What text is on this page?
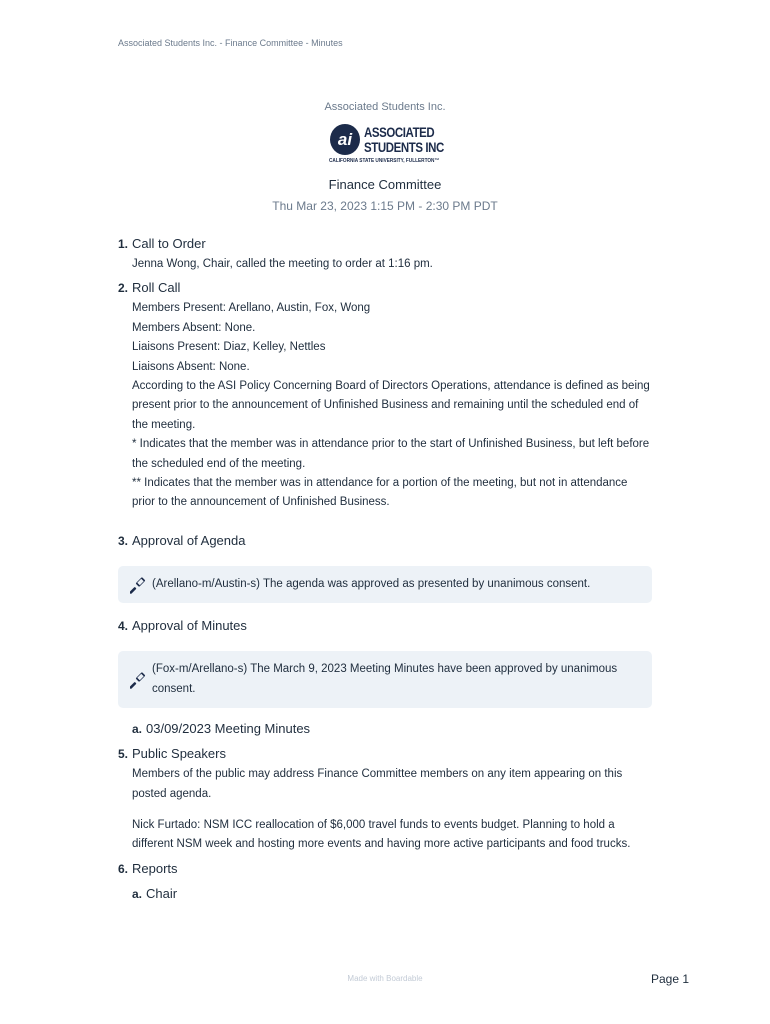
Associated Students Inc. - Finance Committee - Minutes
Associated Students Inc.
ai ASSOCIATED
STUDENTS INC
CALIFORNIA STATE UNIVERSITY, FULLERTON™
Finance Committee
Thu Mar 23, 2023 1:15 PM - 2:30 PM PDT
1. Call to Order
Jenna Wong, Chair, called the meeting to order at 1:16 pm.
2. Roll Call
Members Present: Arellano, Austin, Fox, Wong
Members Absent: None.
Liaisons Present: Diaz, Kelley, Nettles
Liaisons Absent: None.
According to the ASI Policy Concerning Board of Directors Operations, attendance is defined as being present prior to the announcement of Unfinished Business and remaining until the scheduled end of the meeting.
* Indicates that the member was in attendance prior to the start of Unfinished Business, but left before the scheduled end of the meeting.
** Indicates that the member was in attendance for a portion of the meeting, but not in attendance prior to the announcement of Unfinished Business.
3. Approval of Agenda
(Arellano-m/Austin-s) The agenda was approved as presented by unanimous consent.
4. Approval of Minutes
(Fox-m/Arellano-s) The March 9, 2023 Meeting Minutes have been approved by unanimous consent.
a. 03/09/2023 Meeting Minutes
5. Public Speakers
Members of the public may address Finance Committee members on any item appearing on this posted agenda.
Nick Furtado: NSM ICC reallocation of $6,000 travel funds to events budget. Planning to hold a different NSM week and hosting more events and having more active participants and food trucks.
6. Reports
a. Chair
Made with Boardable	Page 1
